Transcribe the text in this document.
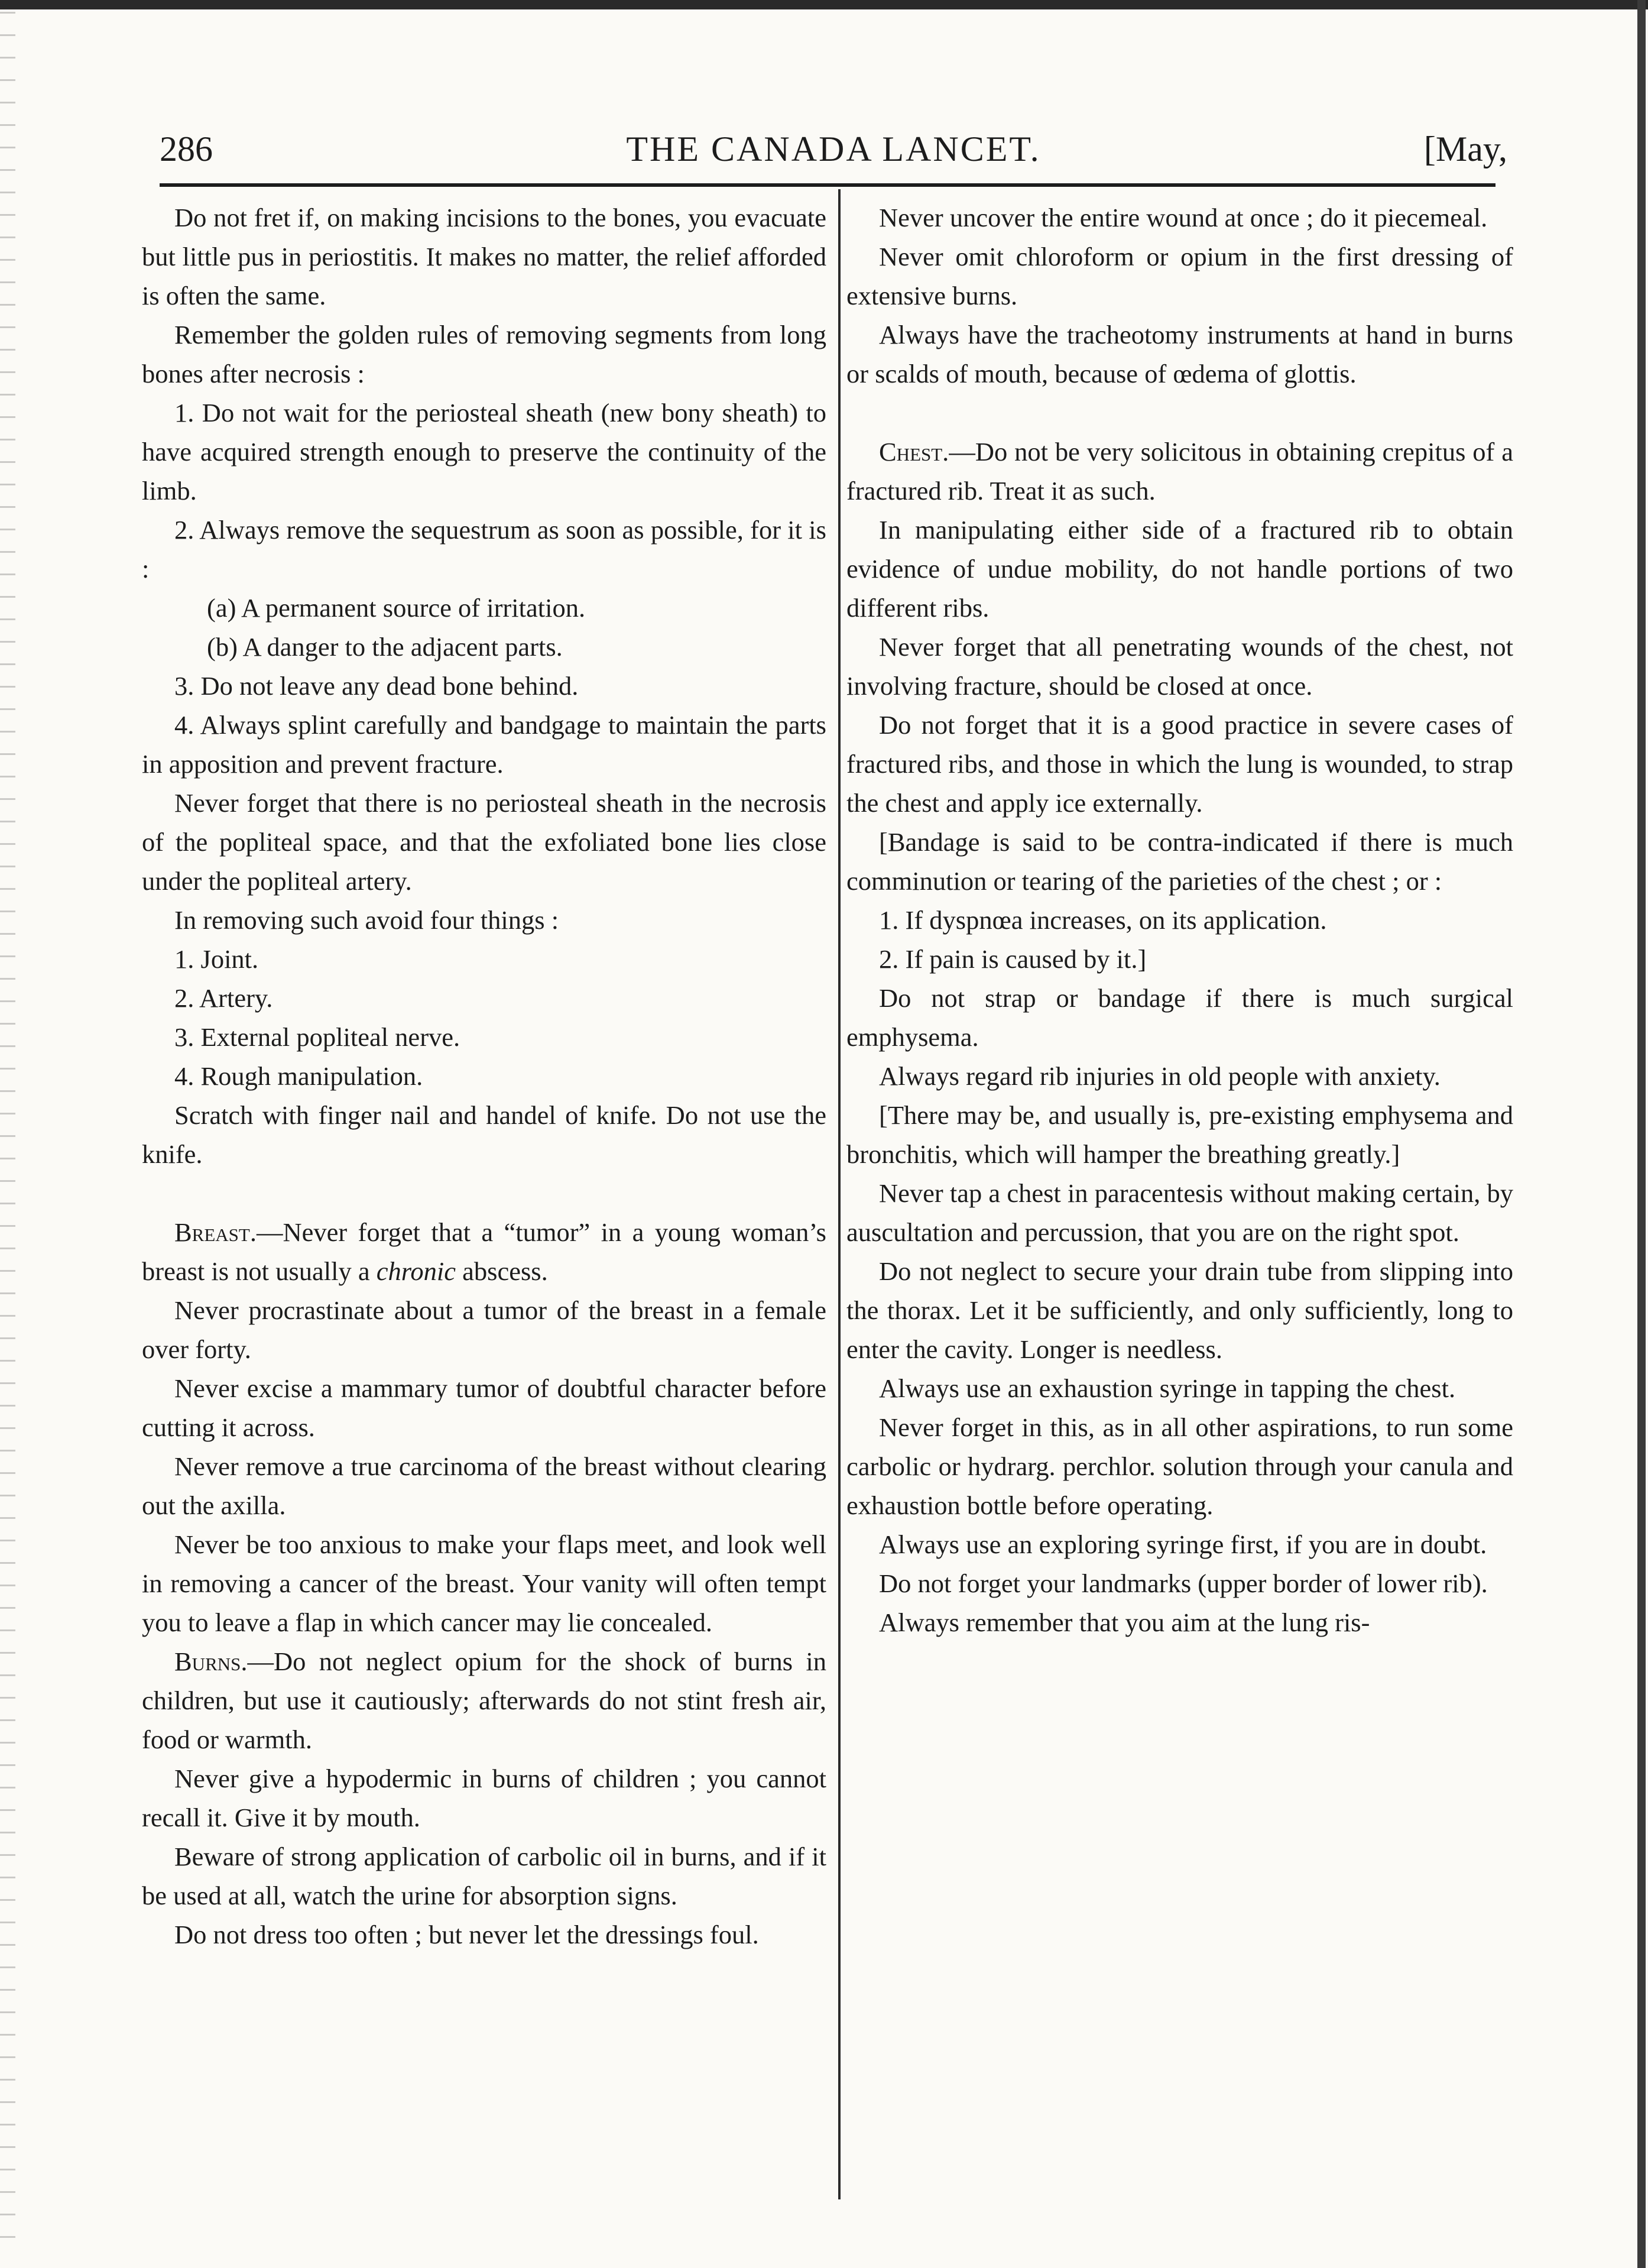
286	THE CANADA LANCET.	[May,

Do not fret if, on making incisions to the bones, you evacuate but little pus in periostitis. It makes no matter, the relief afforded is often the same.

Remember the golden rules of removing segments from long bones after necrosis :

1. Do not wait for the periosteal sheath (new bony sheath) to have acquired strength enough to preserve the continuity of the limb.

2. Always remove the sequestrum as soon as possible, for it is :

(a) A permanent source of irritation.

(b) A danger to the adjacent parts.

3. Do not leave any dead bone behind.

4. Always splint carefully and bandgage to maintain the parts in apposition and prevent fracture.

Never forget that there is no periosteal sheath in the necrosis of the popliteal space, and that the exfoliated bone lies close under the popliteal artery.

In removing such avoid four things :

1. Joint.

2. Artery.

3. External popliteal nerve.

4. Rough manipulation.

Scratch with finger nail and handel of knife. Do not use the knife.

Breast.—Never forget that a “tumor” in a young woman’s breast is not usually a chronic abscess.

Never procrastinate about a tumor of the breast in a female over forty.

Never excise a mammary tumor of doubtful character before cutting it across.

Never remove a true carcinoma of the breast without clearing out the axilla.

Never be too anxious to make your flaps meet, and look well in removing a cancer of the breast. Your vanity will often tempt you to leave a flap in which cancer may lie concealed.

Burns.—Do not neglect opium for the shock of burns in children, but use it cautiously; afterwards do not stint fresh air, food or warmth.

Never give a hypodermic in burns of children ; you cannot recall it. Give it by mouth.

Beware of strong application of carbolic oil in burns, and if it be used at all, watch the urine for absorption signs.

Do not dress too often ; but never let the dressings foul.

Never uncover the entire wound at once ; do it piecemeal.

Never omit chloroform or opium in the first dressing of extensive burns.

Always have the tracheotomy instruments at hand in burns or scalds of mouth, because of œdema of glottis.

Chest.—Do not be very solicitous in obtaining crepitus of a fractured rib. Treat it as such.

In manipulating either side of a fractured rib to obtain evidence of undue mobility, do not handle portions of two different ribs.

Never forget that all penetrating wounds of the chest, not involving fracture, should be closed at once.

Do not forget that it is a good practice in severe cases of fractured ribs, and those in which the lung is wounded, to strap the chest and apply ice externally.

[Bandage is said to be contra-indicated if there is much comminution or tearing of the parieties of the chest ; or :

1. If dyspnœa increases, on its application.

2. If pain is caused by it.]

Do not strap or bandage if there is much surgical emphysema.

Always regard rib injuries in old people with anxiety.

[There may be, and usually is, pre-existing emphysema and bronchitis, which will hamper the breathing greatly.]

Never tap a chest in paracentesis without making certain, by auscultation and percussion, that you are on the right spot.

Do not neglect to secure your drain tube from slipping into the thorax. Let it be sufficiently, and only sufficiently, long to enter the cavity. Longer is needless.

Always use an exhaustion syringe in tapping the chest.

Never forget in this, as in all other aspirations, to run some carbolic or hydrarg. perchlor. solution through your canula and exhaustion bottle before operating.

Always use an exploring syringe first, if you are in doubt.

Do not forget your landmarks (upper border of lower rib).

Always remember that you aim at the lung ris-
